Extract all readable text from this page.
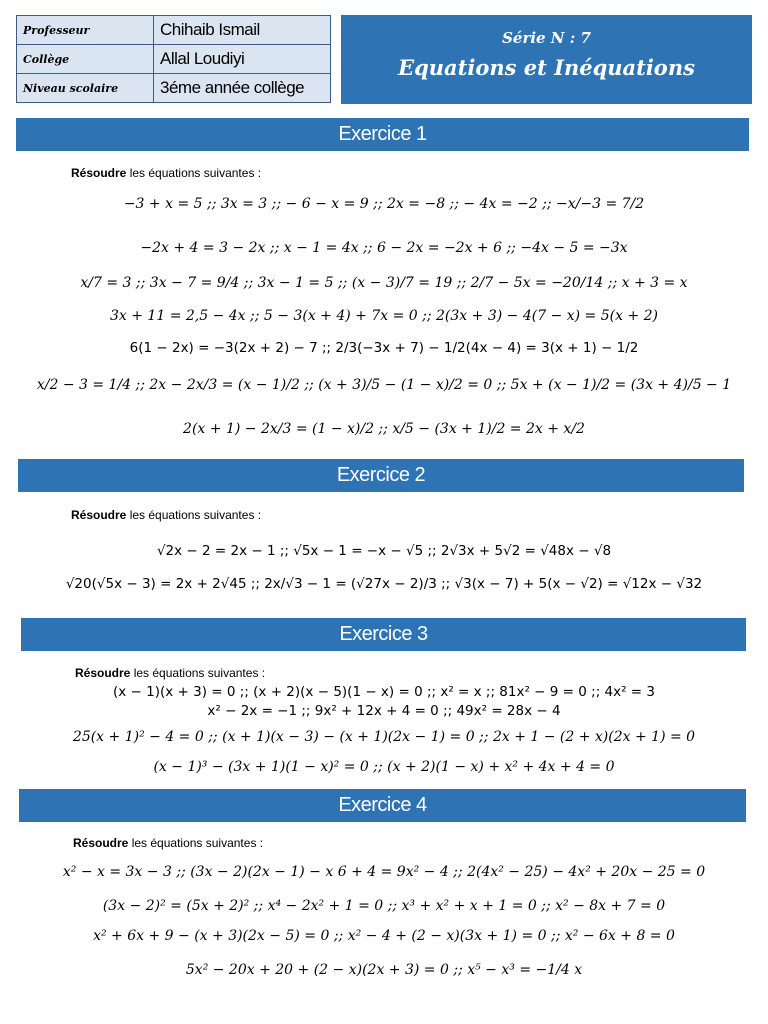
Professeur	Chihaib Ismail
Collège	Allal Loudiyi
Niveau scolaire	3éme année collège
Série N : 7
Equations et Inéquations
Exercice 1
Résoudre les équations suivantes :
−3 + x = 5 ;; 3x = 3 ;; − 6 − x = 9 ;; 2x = −8 ;; − 4x = −2 ;; −x/−3 = 7/2
−2x + 4 = 3 − 2x ;; x − 1 = 4x ;; 6 − 2x = −2x + 6 ;; −4x − 5 = −3x
x/7 = 3 ;; 3x − 7 = 9/4 ;; 3x − 1 = 5 ;; (x − 3)/7 = 19 ;; 2/7 − 5x = −20/14 ;; x + 3 = x
3x + 11 = 2,5 − 4x ;; 5 − 3(x + 4) + 7x = 0 ;; 2(3x + 3) − 4(7 − x) = 5(x + 2)
6(1 − 2x) = −3(2x + 2) − 7 ;; 2/3(−3x + 7) − 1/2(4x − 4) = 3(x + 1) − 1/2
x/2 − 3 = 1/4 ;; 2x − 2x/3 = (x − 1)/2 ;; (x + 3)/5 − (1 − x)/2 = 0 ;; 5x + (x − 1)/2 = (3x + 4)/5 − 1
2(x + 1) − 2x/3 = (1 − x)/2 ;; x/5 − (3x + 1)/2 = 2x + x/2
Exercice 2
Résoudre les équations suivantes :
√2x − 2 = 2x − 1 ;; √5x − 1 = −x − √5 ;; 2√3x + 5√2 = √48x − √8
√20(√5x − 3) = 2x + 2√45 ;; 2x/√3 − 1 = (√27x − 2)/3 ;; √3(x − 7) + 5(x − √2) = √12x − √32
Exercice 3
Résoudre les équations suivantes :
(x − 1)(x + 3) = 0 ;; (x + 2)(x − 5)(1 − x) = 0 ;; x² = x ;; 81x² − 9 = 0 ;; 4x² = 3
x² − 2x = −1 ;; 9x² + 12x + 4 = 0 ;; 49x² = 28x − 4
25(x + 1)² − 4 = 0 ;; (x + 1)(x − 3) − (x + 1)(2x − 1) = 0 ;; 2x + 1 − (2 + x)(2x + 1) = 0
(x − 1)³ − (3x + 1)(1 − x)² = 0 ;; (x + 2)(1 − x) + x² + 4x + 4 = 0
Exercice 4
Résoudre les équations suivantes :
x² − x = 3x − 3 ;; (3x − 2)(2x − 1) − x 6 + 4 = 9x² − 4 ;; 2(4x² − 25) − 4x² + 20x − 25 = 0
(3x − 2)² = (5x + 2)² ;; x⁴ − 2x² + 1 = 0 ;; x³ + x² + x + 1 = 0 ;; x² − 8x + 7 = 0
x² + 6x + 9 − (x + 3)(2x − 5) = 0 ;; x² − 4 + (2 − x)(3x + 1) = 0 ;; x² − 6x + 8 = 0
5x² − 20x + 20 + (2 − x)(2x + 3) = 0 ;; x⁵ − x³ = −1/4 x
